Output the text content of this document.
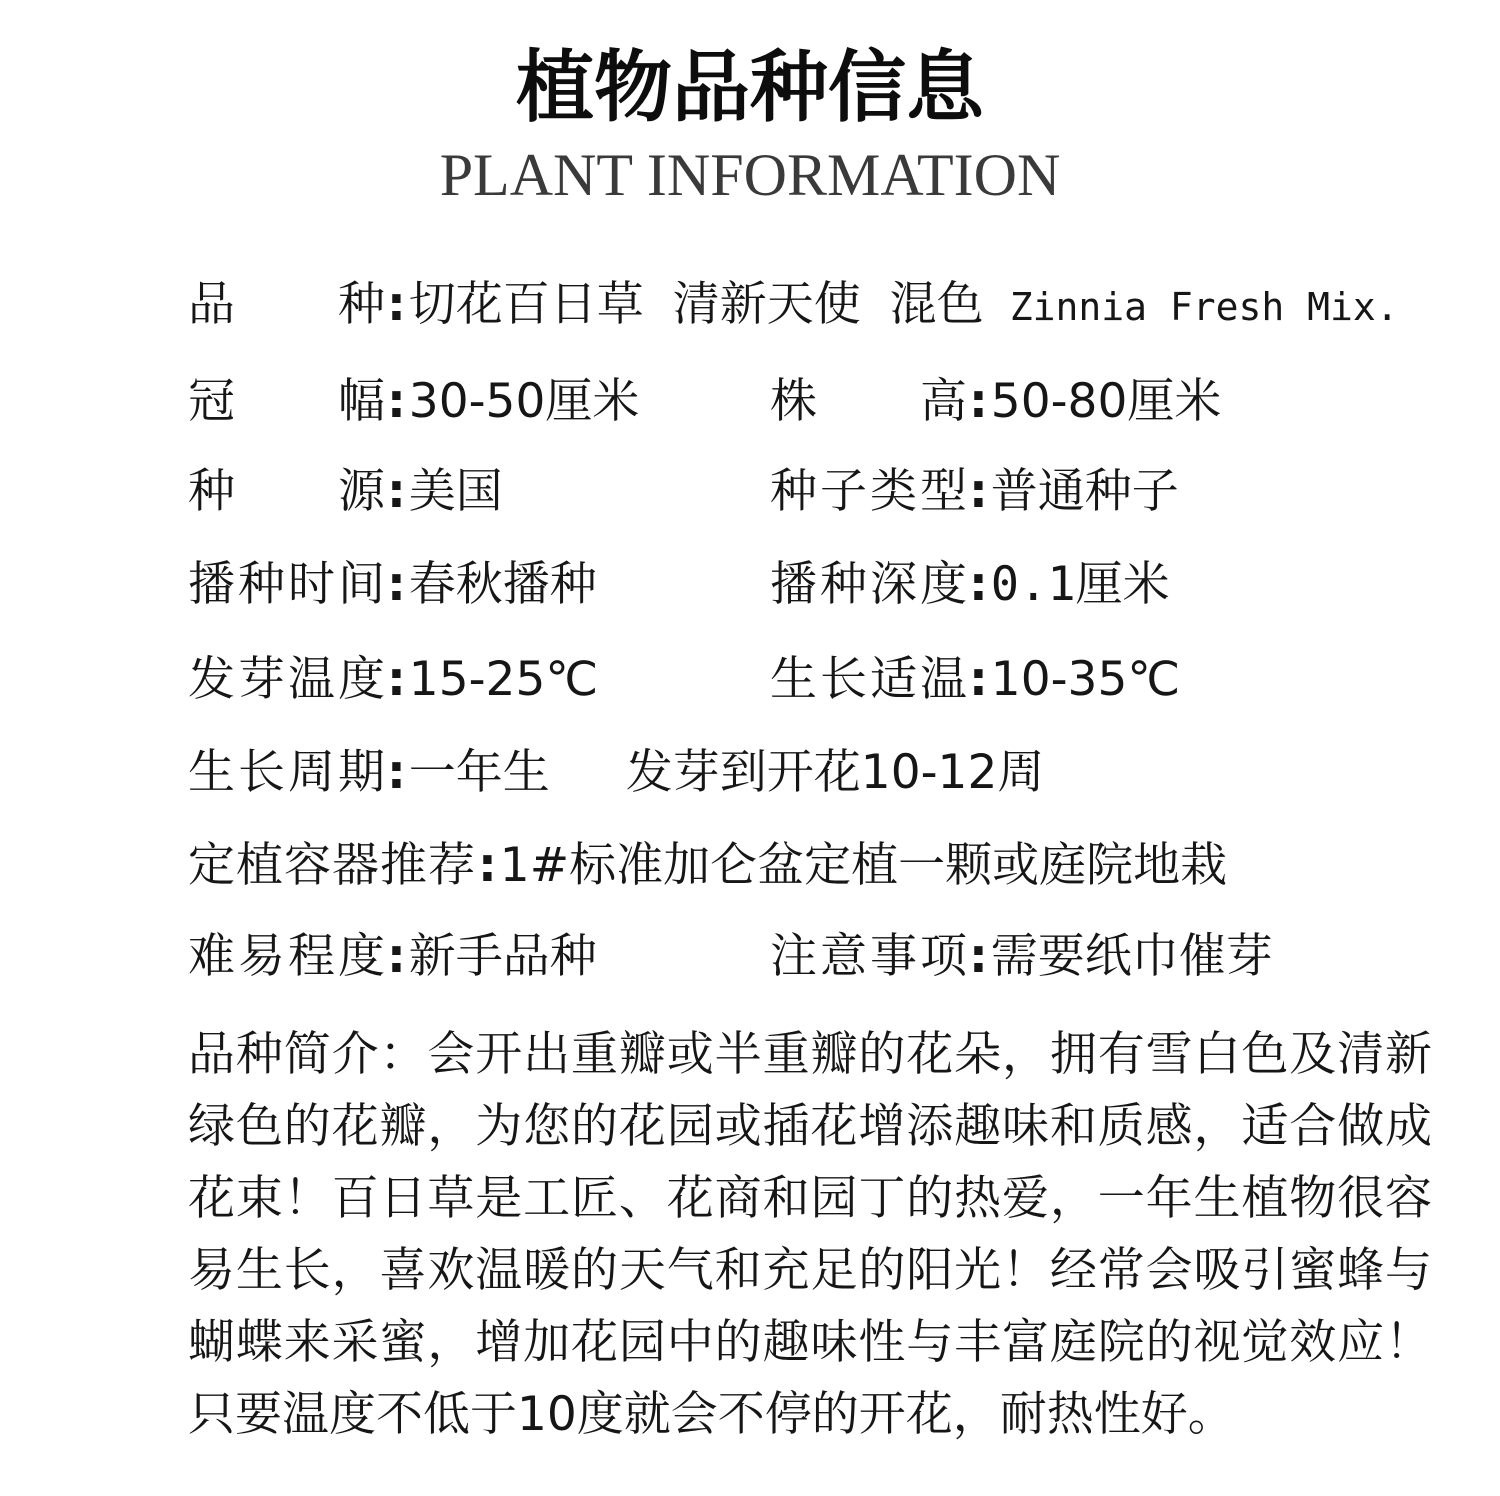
植物品种信息
PLANT INFORMATION
品种 : 切花百日草 清新天使 混色 Zinnia Fresh Mix.
冠幅 : 30-50厘米	株高 : 50-80厘米
种源 : 美国	种子类型 : 普通种子
播种时间 : 春秋播种	播种深度 : 0.1厘米
发芽温度 : 15-25℃	生长适温 : 10-35℃
生长周期 : 一年生 发芽到开花10-12周
定植容器推荐 : 1#标准加仑盆定植一颗或庭院地栽
难易程度 : 新手品种	注意事项 : 需要纸巾催芽
品种简介：会开出重瓣或半重瓣的花朵，拥有雪白色及清新
绿色的花瓣，为您的花园或插花增添趣味和质感，适合做成
花束！百日草是工匠、花商和园丁的热爱，一年生植物很容
易生长，喜欢温暖的天气和充足的阳光！经常会吸引蜜蜂与
蝴蝶来采蜜，增加花园中的趣味性与丰富庭院的视觉效应！
只要温度不低于10度就会不停的开花，耐热性好。
